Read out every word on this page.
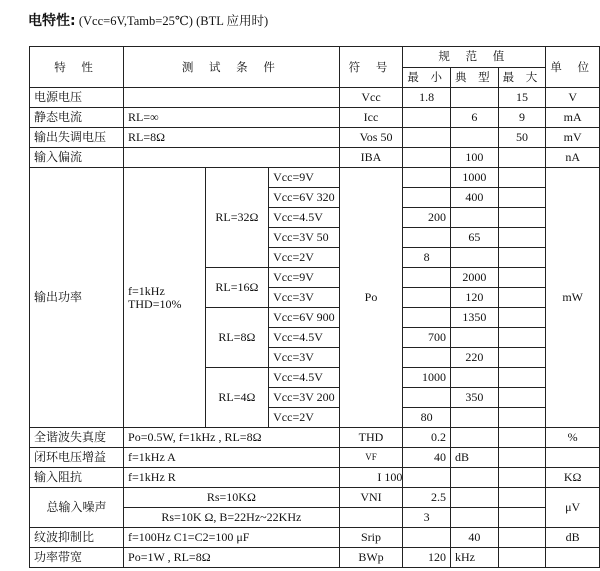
电特性: (Vcc=6V,Tamb=25℃) (BTL 应用时)
特 性	测 试 条 件			符 号	规 范 值			单 位
					最 小	典 型	最 大	
电源电压				Vcc	1.8		15	V
静态电流	RL=∞			Icc		6	9	mA
输出失调电压	RL=8Ω			Vos 50			50	mV
输入偏流				IBA		100		nA
输出功率	f=1kHz
THD=10%	RL=32Ω	Vcc=9V	Po		1000		mW
			Vcc=6V 320			400		
			Vcc=4.5V		200			
			Vcc=3V 50			65		
			Vcc=2V		8			
		RL=16Ω	Vcc=9V			2000		
			Vcc=3V			120		
		RL=8Ω	Vcc=6V 900			1350		
			Vcc=4.5V		700			
			Vcc=3V			220		
		RL=4Ω	Vcc=4.5V		1000			
			Vcc=3V 200			350		
			Vcc=2V		80			
全谐波失真度	Po=0.5W, f=1kHz , RL=8Ω			THD	0.2			%
闭环电压增益	f=1kHz A			VF	40	dB		
输入阻抗	f=1kHz R			I 100				KΩ
总输入噪声	Rs=10KΩ			VNI	2.5			μV
	Rs=10K Ω, B=22Hz~22KHz				3			
纹波抑制比	f=100Hz C1=C2=100 μF			Srip		40		dB
功率带宽	Po=1W , RL=8Ω			BWp	120	kHz		
